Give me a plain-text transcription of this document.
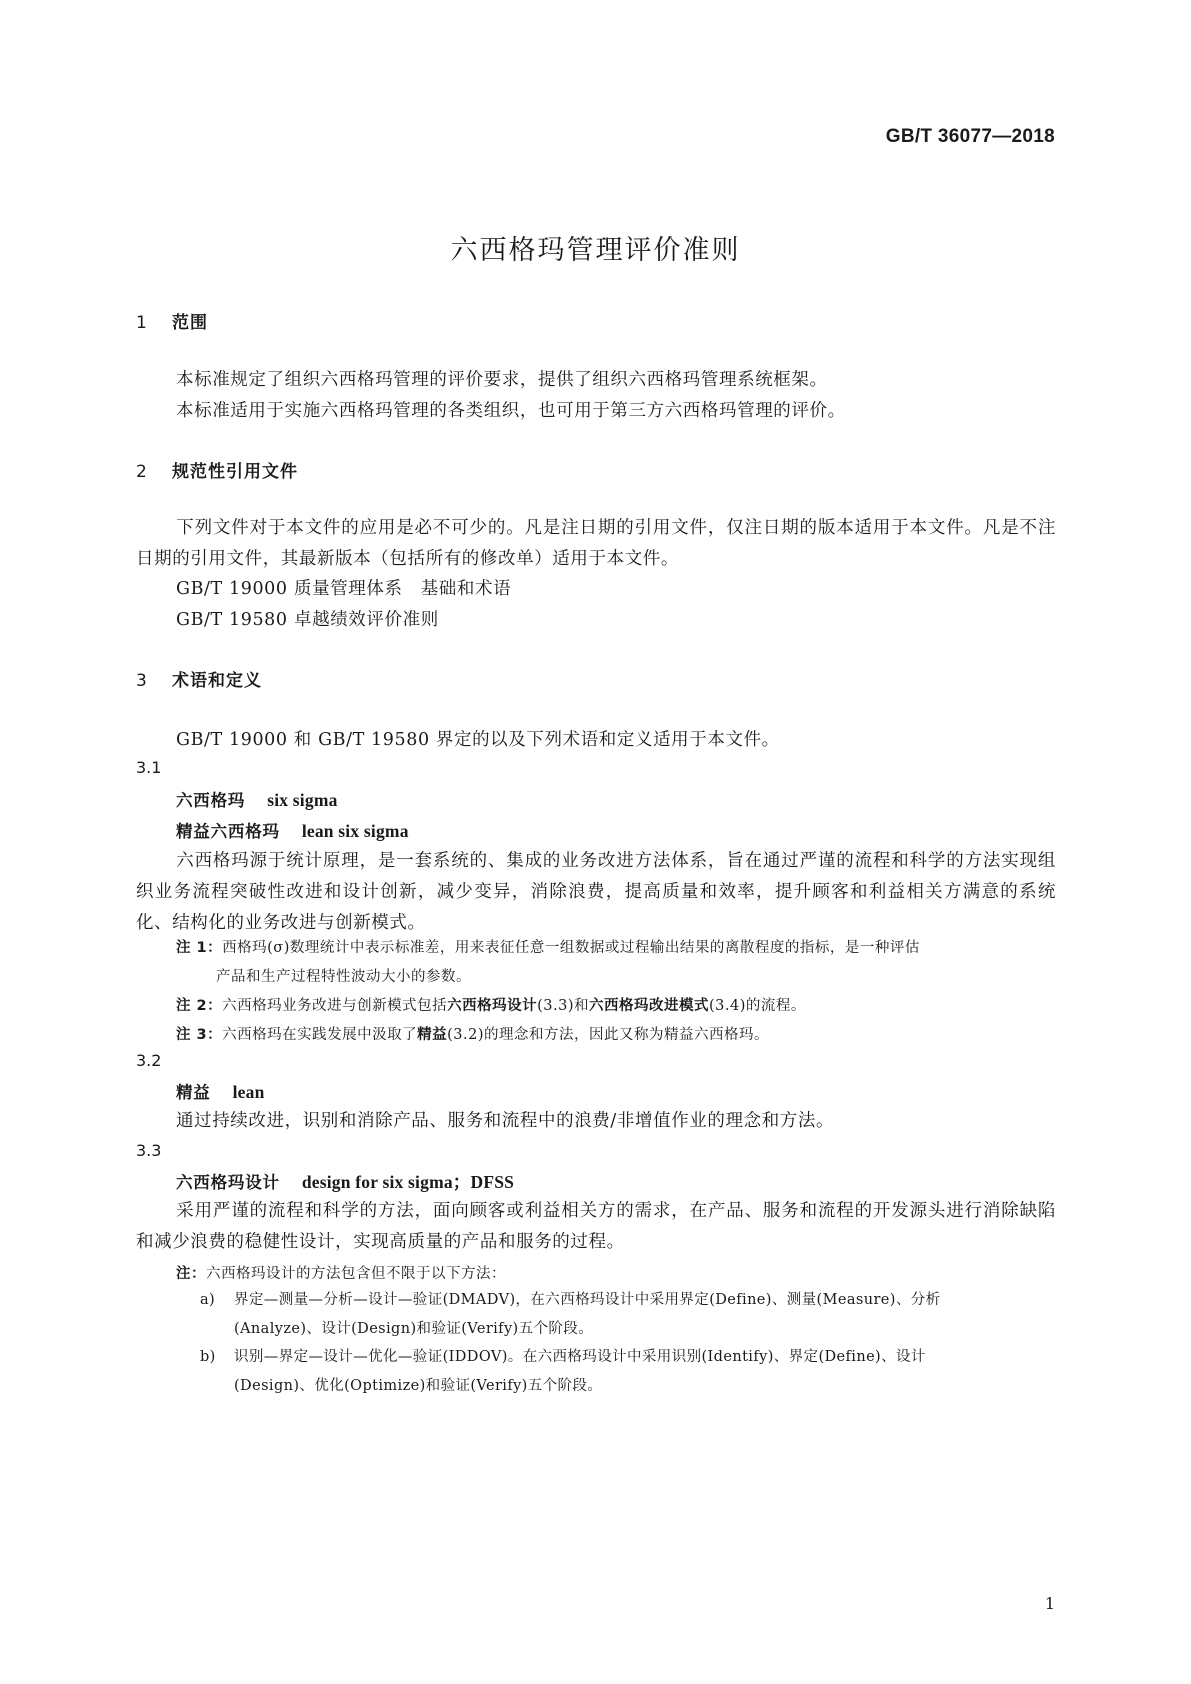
GB/T 36077—2018
六西格玛管理评价准则
1 范围
本标准规定了组织六西格玛管理的评价要求，提供了组织六西格玛管理系统框架。
本标准适用于实施六西格玛管理的各类组织，也可用于第三方六西格玛管理的评价。
2 规范性引用文件
下列文件对于本文件的应用是必不可少的。凡是注日期的引用文件，仅注日期的版本适用于本文件。凡是不注日期的引用文件，其最新版本（包括所有的修改单）适用于本文件。
GB/T 19000 质量管理体系　基础和术语
GB/T 19580 卓越绩效评价准则
3 术语和定义
GB/T 19000 和 GB/T 19580 界定的以及下列术语和定义适用于本文件。
3.1
六西格玛 six sigma
精益六西格玛 lean six sigma
六西格玛源于统计原理，是一套系统的、集成的业务改进方法体系，旨在通过严谨的流程和科学的方法实现组织业务流程突破性改进和设计创新，减少变异，消除浪费，提高质量和效率，提升顾客和利益相关方满意的系统化、结构化的业务改进与创新模式。
注 1：西格玛(σ)数理统计中表示标准差，用来表征任意一组数据或过程输出结果的离散程度的指标，是一种评估
产品和生产过程特性波动大小的参数。
注 2：六西格玛业务改进与创新模式包括六西格玛设计(3.3)和六西格玛改进模式(3.4)的流程。
注 3：六西格玛在实践发展中汲取了精益(3.2)的理念和方法，因此又称为精益六西格玛。
3.2
精益 lean
通过持续改进，识别和消除产品、服务和流程中的浪费/非增值作业的理念和方法。
3.3
六西格玛设计 design for six sigma；DFSS
采用严谨的流程和科学的方法，面向顾客或利益相关方的需求，在产品、服务和流程的开发源头进行消除缺陷和减少浪费的稳健性设计，实现高质量的产品和服务的过程。
注：六西格玛设计的方法包含但不限于以下方法：
a) 界定—测量—分析—设计—验证(DMADV)，在六西格玛设计中采用界定(Define)、测量(Measure)、分析
(Analyze)、设计(Design)和验证(Verify)五个阶段。
b) 识别—界定—设计—优化—验证(IDDOV)。在六西格玛设计中采用识别(Identify)、界定(Define)、设计
(Design)、优化(Optimize)和验证(Verify)五个阶段。
1
